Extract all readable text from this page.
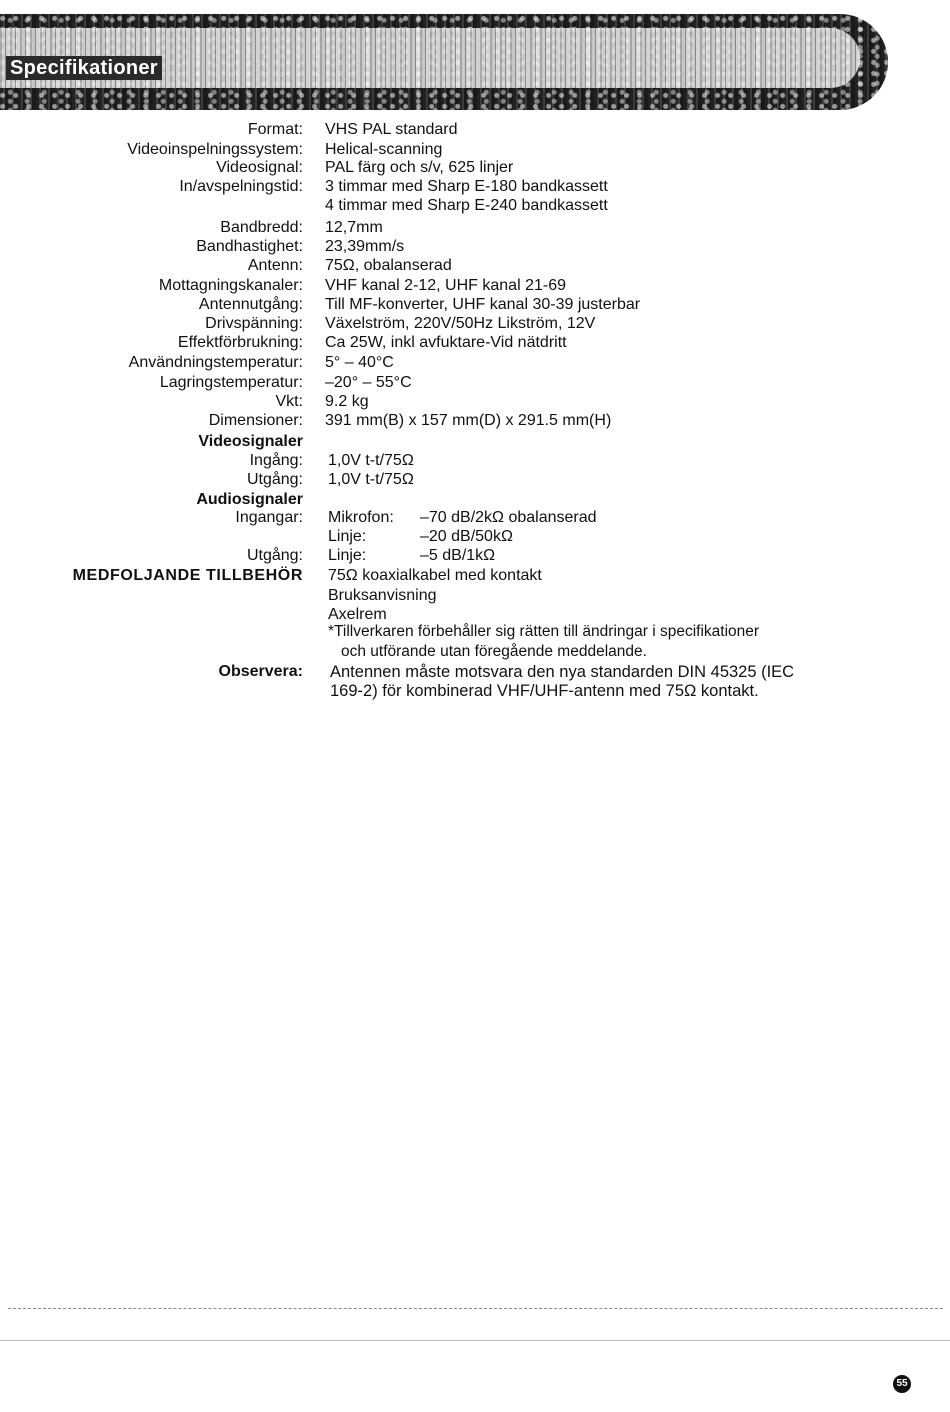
Specifikationer
Format: VHS PAL standard
Videoinspelningssystem: Helical-scanning
Videosignal: PAL färg och s/v, 625 linjer
In/avspelningstid: 3 timmar med Sharp E-180 bandkassett
4 timmar med Sharp E-240 bandkassett
Bandbredd: 12,7mm
Bandhastighet: 23,39mm/s
Antenn: 75Ω, obalanserad
Mottagningskanaler: VHF kanal 2-12, UHF kanal 21-69
Antennutgång: Till MF-konverter, UHF kanal 30-39 justerbar
Drivspänning: Växelström, 220V/50Hz Likström, 12V
Effektförbrukning: Ca 25W, inkl avfuktare-Vid nätdritt
Användningstemperatur: 5° – 40°C
Lagringstemperatur: –20° – 55°C
Vkt: 9.2 kg
Dimensioner: 391 mm(B) x 157 mm(D) x 291.5 mm(H)
Videosignaler
Ingång: 1,0V t-t/75Ω
Utgång: 1,0V t-t/75Ω
Audiosignaler
Ingangar: Mikrofon: –70 dB/2kΩ obalanserad
Linje:	–20 dB/50kΩ
Utgång: Linje:	–5 dB/1kΩ
MEDFOLJANDE TILLBEHÖR 75Ω koaxialkabel med kontakt
Bruksanvisning
Axelrem
*Tillverkaren förbehåller sig rätten till ändringar i specifikationer
och utförande utan föregående meddelande.
Observera: Antennen måste motsvara den nya standarden DIN 45325 (IEC
169-2) för kombinerad VHF/UHF-antenn med 75Ω kontakt.
55
